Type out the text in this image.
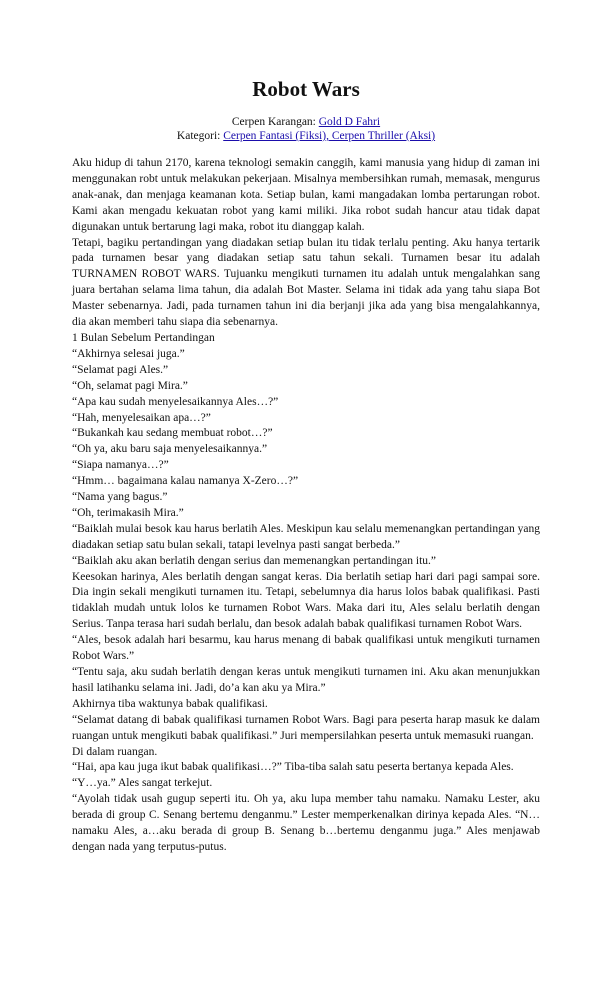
Robot Wars
Cerpen Karangan: Gold D Fahri
Kategori: Cerpen Fantasi (Fiksi), Cerpen Thriller (Aksi)

Aku hidup di tahun 2170, karena teknologi semakin canggih, kami manusia yang hidup di zaman ini menggunakan robt untuk melakukan pekerjaan. Misalnya membersihkan rumah, memasak, mengurus anak-anak, dan menjaga keamanan kota. Setiap bulan, kami mangadakan lomba pertarungan robot. Kami akan mengadu kekuatan robot yang kami miliki. Jika robot sudah hancur atau tidak dapat digunakan untuk bertarung lagi maka, robot itu dianggap kalah.

Tetapi, bagiku pertandingan yang diadakan setiap bulan itu tidak terlalu penting. Aku hanya tertarik pada turnamen besar yang diadakan setiap satu tahun sekali. Turnamen besar itu adalah TURNAMEN ROBOT WARS. Tujuanku mengikuti turnamen itu adalah untuk mengalahkan sang juara bertahan selama lima tahun, dia adalah Bot Master. Selama ini tidak ada yang tahu siapa Bot Master sebenarnya. Jadi, pada turnamen tahun ini dia berjanji jika ada yang bisa mengalahkannya, dia akan memberi tahu siapa dia sebenarnya.

1 Bulan Sebelum Pertandingan

“Akhirnya selesai juga.”

“Selamat pagi Ales.”

“Oh, selamat pagi Mira.”

“Apa kau sudah menyelesaikannya Ales…?”

“Hah, menyelesaikan apa…?”

“Bukankah kau sedang membuat robot…?”

“Oh ya, aku baru saja menyelesaikannya.”

“Siapa namanya…?”

“Hmm… bagaimana kalau namanya X-Zero…?”

“Nama yang bagus.”

“Oh, terimakasih Mira.”

“Baiklah mulai besok kau harus berlatih Ales. Meskipun kau selalu memenangkan pertandingan yang diadakan setiap satu bulan sekali, tatapi levelnya pasti sangat berbeda.”

“Baiklah aku akan berlatih dengan serius dan memenangkan pertandingan itu.”

Keesokan harinya, Ales berlatih dengan sangat keras. Dia berlatih setiap hari dari pagi sampai sore. Dia ingin sekali mengikuti turnamen itu. Tetapi, sebelumnya dia harus lolos babak qualifikasi. Pasti tidaklah mudah untuk lolos ke turnamen Robot Wars. Maka dari itu, Ales selalu berlatih dengan Serius. Tanpa terasa hari sudah berlalu, dan besok adalah babak qualifikasi turnamen Robot Wars.

“Ales, besok adalah hari besarmu, kau harus menang di babak qualifikasi untuk mengikuti turnamen Robot Wars.”

“Tentu saja, aku sudah berlatih dengan keras untuk mengikuti turnamen ini. Aku akan menunjukkan hasil latihanku selama ini. Jadi, do’a kan aku ya Mira.”

Akhirnya tiba waktunya babak qualifikasi.

“Selamat datang di babak qualifikasi turnamen Robot Wars. Bagi para peserta harap masuk ke dalam ruangan untuk mengikuti babak qualifikasi.” Juri mempersilahkan peserta untuk memasuki ruangan.

Di dalam ruangan.

“Hai, apa kau juga ikut babak qualifikasi…?” Tiba-tiba salah satu peserta bertanya kepada Ales.

“Y…ya.” Ales sangat terkejut.

“Ayolah tidak usah gugup seperti itu. Oh ya, aku lupa member tahu namaku. Namaku Lester, aku berada di group C. Senang bertemu denganmu.” Lester memperkenalkan dirinya kepada Ales. “N…namaku Ales, a…aku berada di group B. Senang b…bertemu denganmu juga.” Ales menjawab dengan nada yang terputus-putus.
